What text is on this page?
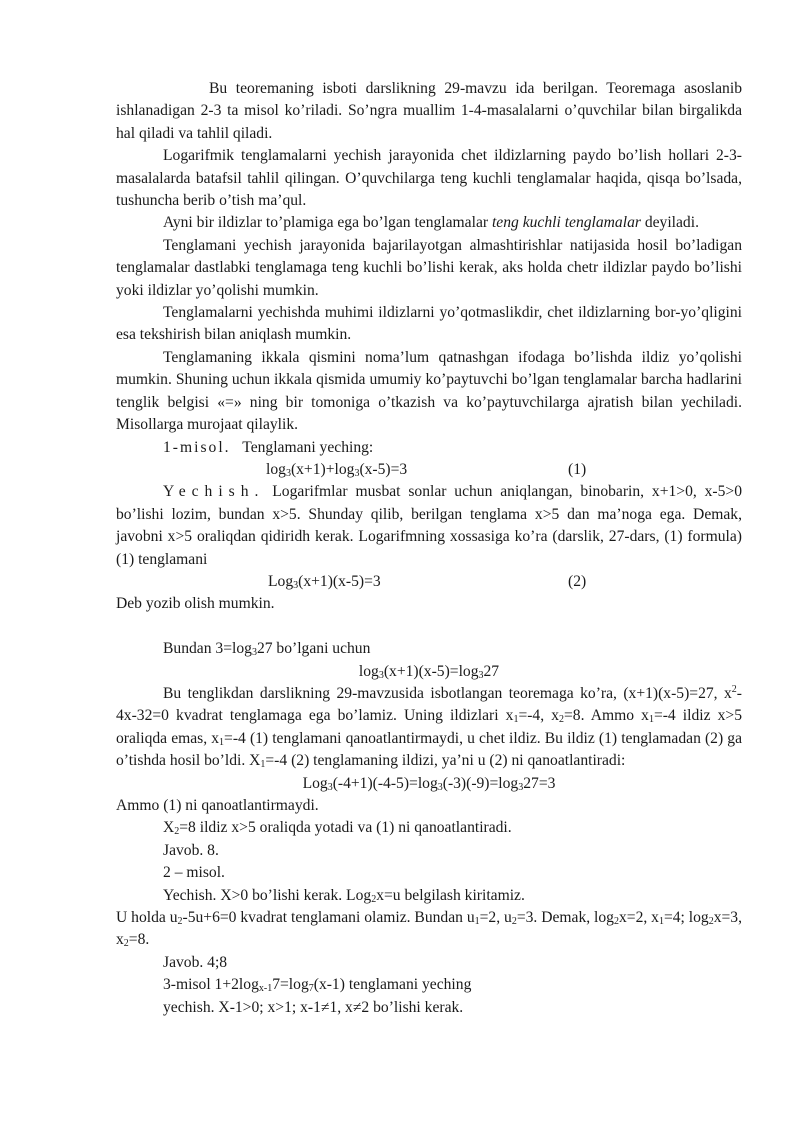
Bu teoremaning isboti darslikning 29-mavzu ida berilgan. Teoremaga asoslanib ishlanadigan 2-3 ta misol ko’riladi. So’ngra muallim 1-4-masalalarni o’quvchilar bilan birgalikda hal qiladi va tahlil qiladi.

Logarifmik tenglamalarni yechish jarayonida chet ildizlarning paydo bo’lish hollari 2-3- masalalarda batafsil tahlil qilingan. O’quvchilarga teng kuchli tenglamalar haqida, qisqa bo’lsada, tushuncha berib o’tish ma’qul.

Ayni bir ildizlar to’plamiga ega bo’lgan tenglamalar teng kuchli tenglamalar deyiladi.

Tenglamani yechish jarayonida bajarilayotgan almashtirishlar natijasida hosil bo’ladigan tenglamalar dastlabki tenglamaga teng kuchli bo’lishi kerak, aks holda chetr ildizlar paydo bo’lishi yoki ildizlar yo’qolishi mumkin.

Tenglamalarni yechishda muhimi ildizlarni yo’qotmaslikdir, chet ildizlarning bor-yo’qligini esa tekshirish bilan aniqlash mumkin.

Tenglamaning ikkala qismini noma’lum qatnashgan ifodaga bo’lishda ildiz yo’qolishi mumkin. Shuning uchun ikkala qismida umumiy ko’paytuvchi bo’lgan tenglamalar barcha hadlarini tenglik belgisi «=» ning bir tomoniga o’tkazish va ko’paytuvchilarga ajratish bilan yechiladi. Misollarga murojaat qilaylik.

1-misol. Tenglamani yeching:

$\log_3(x+1)+\log_3(x-5)=3$	(1)

Yechish. Logarifmlar musbat sonlar uchun aniqlangan, binobarin, x+1>0, x-5>0 bo’lishi lozim, bundan x>5. Shunday qilib, berilgan tenglama x>5 dan ma’noga ega. Demak, javobni x>5 oraliqdan qidiridh kerak. Logarifmning xossasiga ko’ra (darslik, 27-dars, (1) formula) (1) tenglamani

Log$_3$(x+1)(x-5)=3	(2)

Deb yozib olish mumkin.

Bundan $3=\log_327$ bo’lgani uchun

$\log_3(x+1)(x-5)=\log_327$

Bu tenglikdan darslikning 29-mavzusida isbotlangan teoremaga ko’ra, (x+1)(x-5)=27, $x^2-4x-32=0$ kvadrat tenglamaga ega bo’lamiz. Uning ildizlari $x_1=-4$, $x_2=8$. Ammo $x_1=-4$ ildiz x>5 oraliqda emas, $x_1=-4$ (1) tenglamani qanoatlantirmaydi, u chet ildiz. Bu ildiz (1) tenglamadan (2) ga o’tishda hosil bo’ldi. $X_1=-4$ (2) tenglamaning ildizi, ya’ni u (2) ni qanoatlantiradi:

$Log_3(-4+1)(-4-5)=\log_3(-3)(-9)=\log_327=3$

Ammo (1) ni qanoatlantirmaydi.

$X_2=8$ ildiz x>5 oraliqda yotadi va (1) ni qanoatlantiradi.

Javob. 8.

2 – misol.

Yechish. X>0 bo’lishi kerak. Log$_2$x=u belgilash kiritamiz.

U holda $u_2-5u+6=0$ kvadrat tenglamani olamiz. Bundan $u_1=2$, $u_2=3$. Demak, $\log_2x=2$, $x_1=4$; $\log_2x=3$, $x_2=8$.

Javob. 4;8

3-misol $1+2\log_{x-1}7=\log_7(x-1)$ tenglamani yeching

yechish. X-1>0; x>1; x-1≠1, x≠2 bo’lishi kerak.
